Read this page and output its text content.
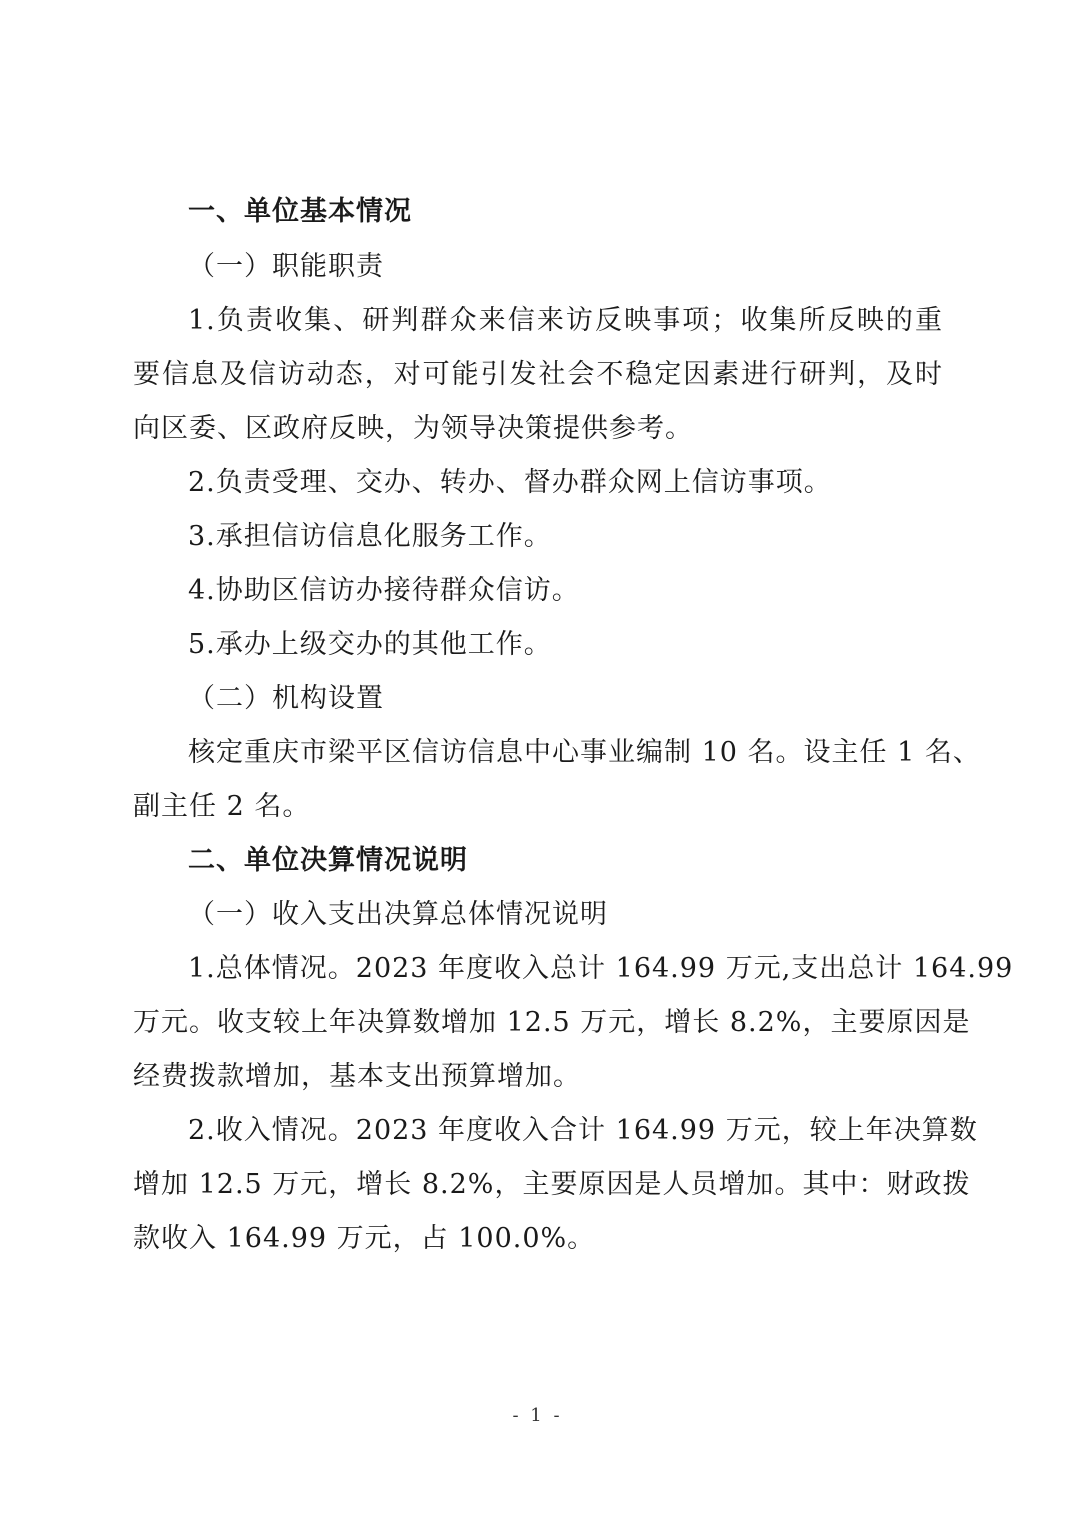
一、单位基本情况
（一）职能职责
1.负责收集、研判群众来信来访反映事项；收集所反映的重
要信息及信访动态，对可能引发社会不稳定因素进行研判，及时
向区委、区政府反映，为领导决策提供参考。
2.负责受理、交办、转办、督办群众网上信访事项。
3.承担信访信息化服务工作。
4.协助区信访办接待群众信访。
5.承办上级交办的其他工作。
（二）机构设置
核定重庆市梁平区信访信息中心事业编制 10 名。设主任 1 名、
副主任 2 名。
二、单位决算情况说明
（一）收入支出决算总体情况说明
1.总体情况。2023 年度收入总计 164.99 万元,支出总计 164.99
万元。收支较上年决算数增加 12.5 万元，增长 8.2%，主要原因是
经费拨款增加，基本支出预算增加。
2.收入情况。2023 年度收入合计 164.99 万元，较上年决算数
增加 12.5 万元，增长 8.2%，主要原因是人员增加。其中：财政拨
款收入 164.99 万元，占 100.0%。
- 1 -
